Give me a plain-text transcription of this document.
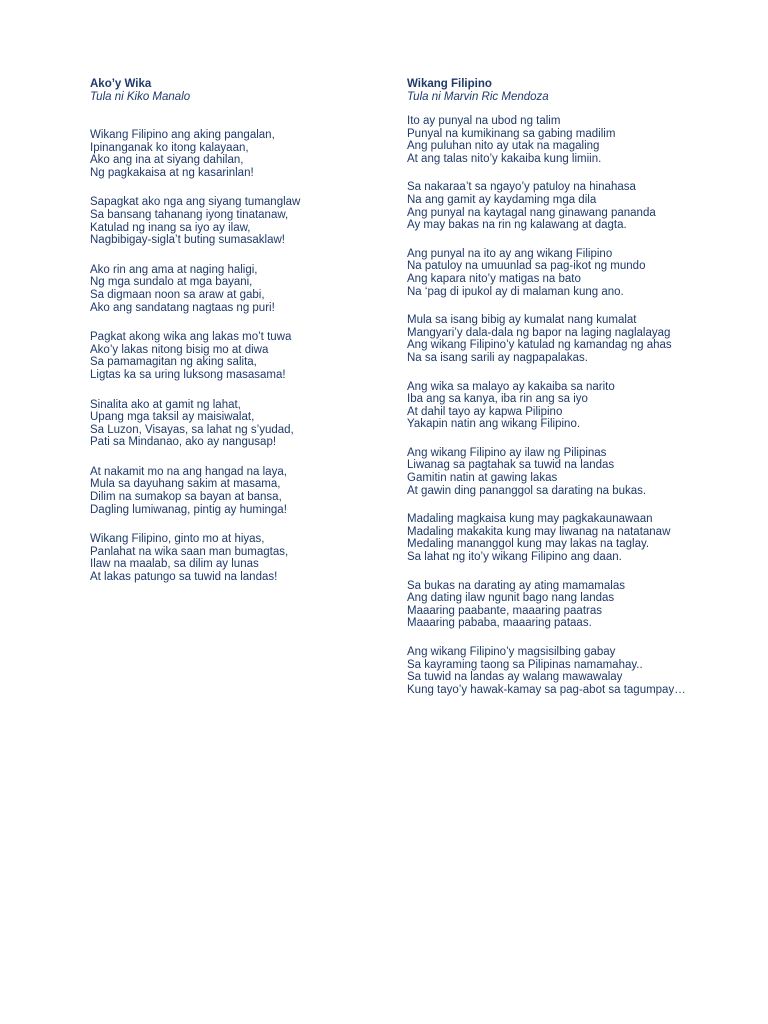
Ako’y Wika
Tula ni Kiko Manalo
Wikang Filipino ang aking pangalan,
Ipinanganak ko itong kalayaan,
Ako ang ina at siyang dahilan,
Ng pagkakaisa at ng kasarinlan!
Sapagkat ako nga ang siyang tumanglaw
Sa bansang tahanang iyong tinatanaw,
Katulad ng inang sa iyo ay ilaw,
Nagbibigay-sigla’t buting sumasaklaw!
Ako rin ang ama at naging haligi,
Ng mga sundalo at mga bayani,
Sa digmaan noon sa araw at gabi,
Ako ang sandatang nagtaas ng puri!
Pagkat akong wika ang lakas mo’t tuwa
Ako’y lakas nitong bisig mo at diwa
Sa pamamagitan ng aking salita,
Ligtas ka sa uring luksong masasama!
Sinalita ako at gamit ng lahat,
Upang mga taksil ay maisiwalat,
Sa Luzon, Visayas, sa lahat ng s’yudad,
Pati sa Mindanao, ako ay nangusap!
At nakamit mo na ang hangad na laya,
Mula sa dayuhang sakim at masama,
Dilim na sumakop sa bayan at bansa,
Dagling lumiwanag, pintig ay huminga!
Wikang Filipino, ginto mo at hiyas,
Panlahat na wika saan man bumagtas,
Ilaw na maalab, sa dilim ay lunas
At lakas patungo sa tuwid na landas!
Wikang Filipino
Tula ni Marvin Ric Mendoza
Ito ay punyal na ubod ng talim
Punyal na kumikinang sa gabing madilim
Ang puluhan nito ay utak na magaling
At ang talas nito’y kakaiba kung limiin.
Sa nakaraa’t sa ngayo’y patuloy na hinahasa
Na ang gamit ay kaydaming mga dila
Ang punyal na kaytagal nang ginawang pananda
Ay may bakas na rin ng kalawang at dagta.
Ang punyal na ito ay ang wikang Filipino
Na patuloy na umuunlad sa pag-ikot ng mundo
Ang kapara nito’y matigas na bato
Na ‘pag di ipukol ay di malaman kung ano.
Mula sa isang bibig ay kumalat nang kumalat
Mangyari’y dala-dala ng bapor na laging naglalayag
Ang wikang Filipino’y katulad ng kamandag ng ahas
Na sa isang sarili ay nagpapalakas.
Ang wika sa malayo ay kakaiba sa narito
Iba ang sa kanya, iba rin ang sa iyo
At dahil tayo ay kapwa Pilipino
Yakapin natin ang wikang Filipino.
Ang wikang Filipino ay ilaw ng Pilipinas
Liwanag sa pagtahak sa tuwid na landas
Gamitin natin at gawing lakas
At gawin ding pananggol sa darating na bukas.
Madaling magkaisa kung may pagkakaunawaan
Madaling makakita kung may liwanag na natatanaw
Medaling mananggol kung may lakas na taglay.
Sa lahat ng ito’y wikang Filipino ang daan.
Sa bukas na darating ay ating mamamalas
Ang dating ilaw ngunit bago nang landas
Maaaring paabante, maaaring paatras
Maaaring pababa, maaaring pataas.
Ang wikang Filipino’y magsisilbing gabay
Sa kayraming taong sa Pilipinas namamahay..
Sa tuwid na landas ay walang mawawalay
Kung tayo’y hawak-kamay sa pag-abot sa tagumpay…
